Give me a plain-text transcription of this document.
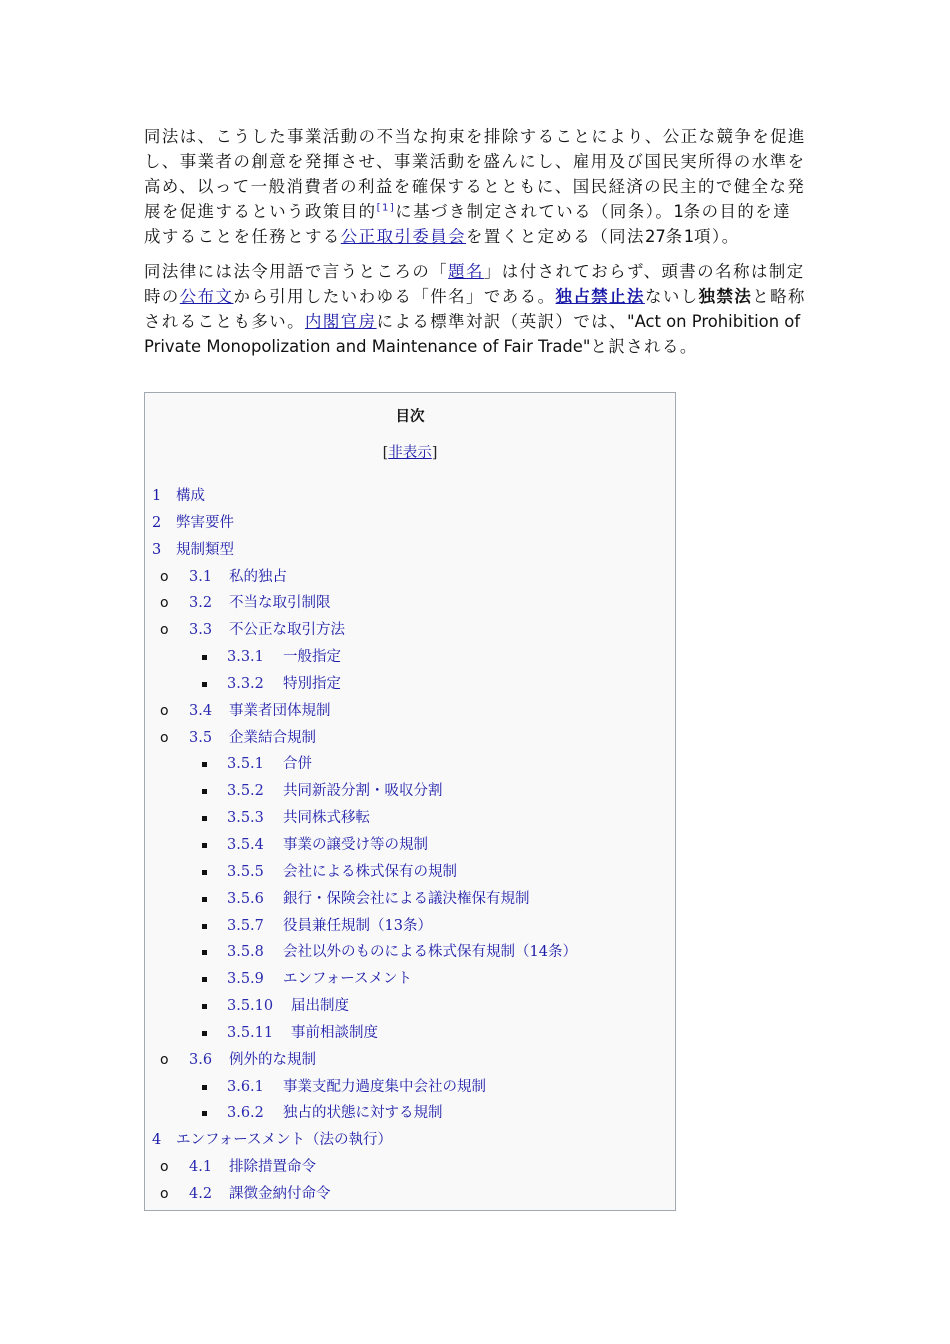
同法は、こうした事業活動の不当な拘束を排除することにより、公正な競争を促進し、事業者の創意を発揮させ、事業活動を盛んにし、雇用及び国民実所得の水準を高め、以って一般消費者の利益を確保するとともに、国民経済の民主的で健全な発展を促進するという政策目的[1]に基づき制定されている（同条）。1条の目的を達成することを任務とする公正取引委員会を置くと定める（同法27条1項）。

同法律には法令用語で言うところの「題名」は付されておらず、頭書の名称は制定時の公布文から引用したいわゆる「件名」である。独占禁止法ないし独禁法と略称されることも多い。内閣官房による標準対訳（英訳）では、"Act on Prohibition of Private Monopolization and Maintenance of Fair Trade"と訳される。

目次
[非表示]
1 構成
2 弊害要件
3 規制類型
o 3.1 私的独占
o 3.2 不当な取引制限
o 3.3 不公正な取引方法
3.3.1 一般指定
3.3.2 特別指定
o 3.4 事業者団体規制
o 3.5 企業結合規制
3.5.1 合併
3.5.2 共同新設分割・吸収分割
3.5.3 共同株式移転
3.5.4 事業の譲受け等の規制
3.5.5 会社による株式保有の規制
3.5.6 銀行・保険会社による議決権保有規制
3.5.7 役員兼任規制（13条）
3.5.8 会社以外のものによる株式保有規制（14条）
3.5.9 エンフォースメント
3.5.10 届出制度
3.5.11 事前相談制度
o 3.6 例外的な規制
3.6.1 事業支配力過度集中会社の規制
3.6.2 独占的状態に対する規制
4 エンフォースメント（法の執行）
o 4.1 排除措置命令
o 4.2 課徴金納付命令
